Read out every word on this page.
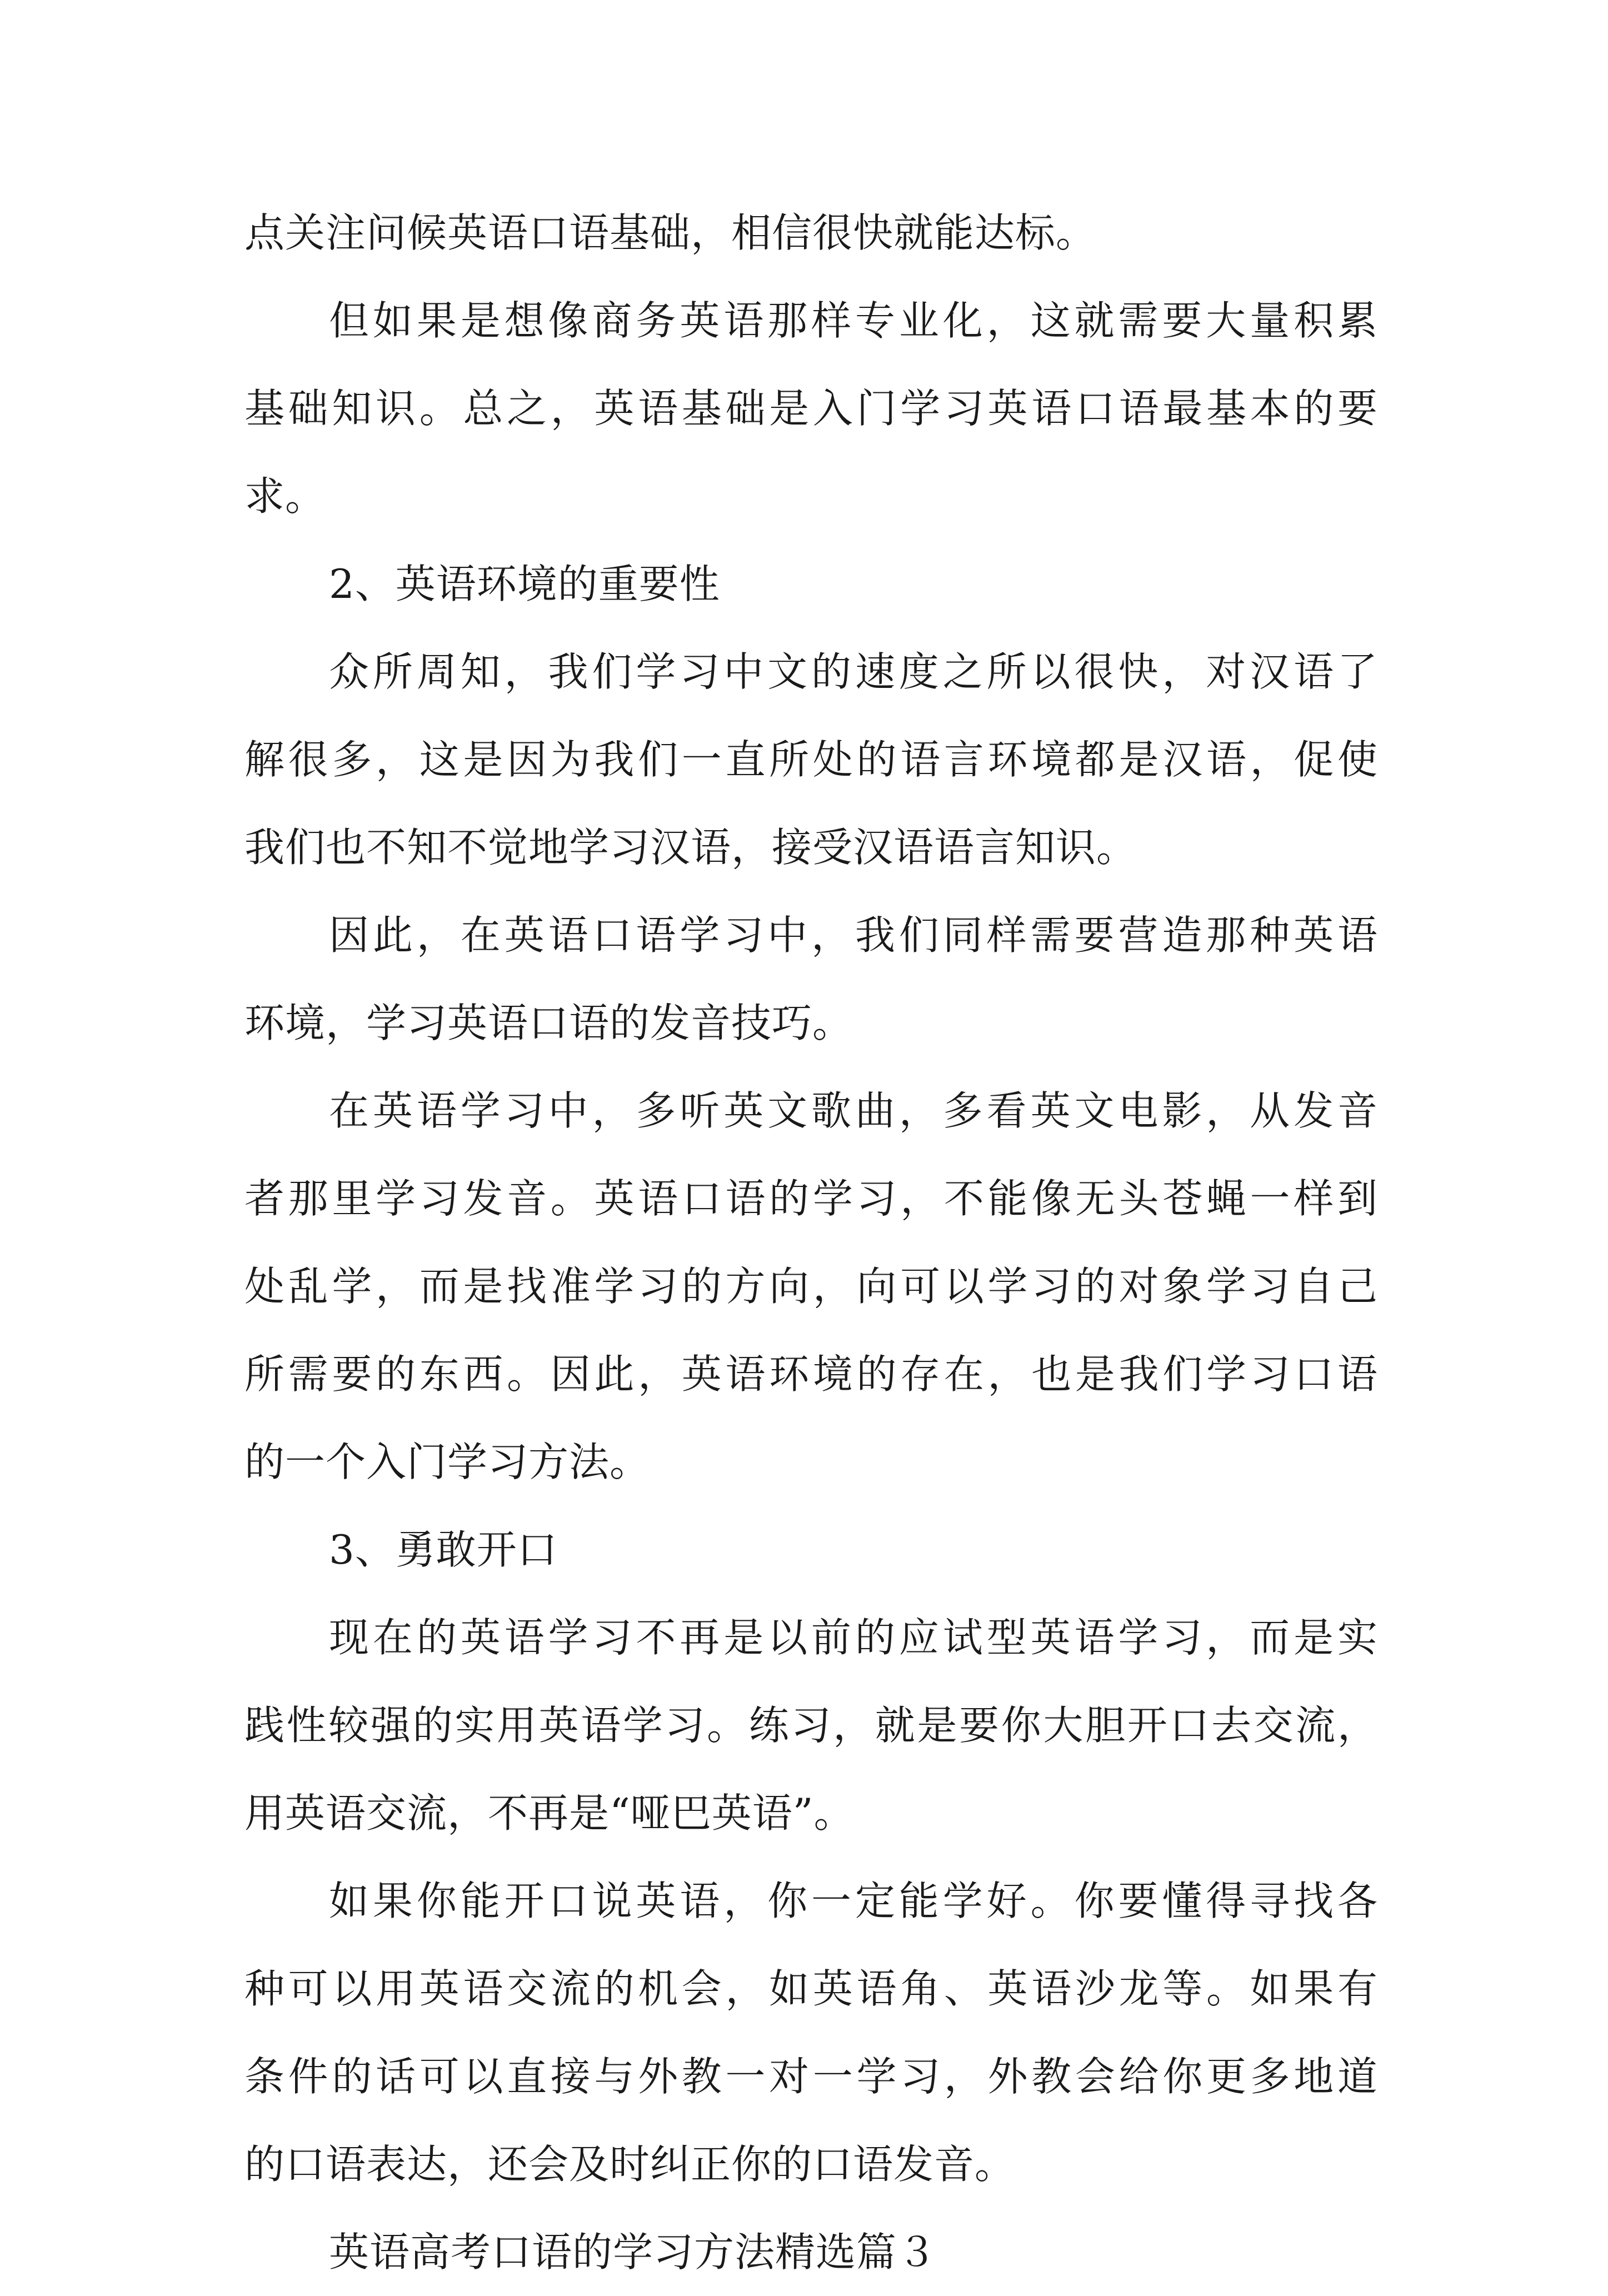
点关注问候英语口语基础，相信很快就能达标。
但如果是想像商务英语那样专业化，这就需要大量积累
基础知识。总之，英语基础是入门学习英语口语最基本的要
求。
2、英语环境的重要性
众所周知，我们学习中文的速度之所以很快，对汉语了
解很多，这是因为我们一直所处的语言环境都是汉语，促使
我们也不知不觉地学习汉语，接受汉语语言知识。
因此，在英语口语学习中，我们同样需要营造那种英语
环境，学习英语口语的发音技巧。
在英语学习中，多听英文歌曲，多看英文电影，从发音
者那里学习发音。英语口语的学习，不能像无头苍蝇一样到
处乱学，而是找准学习的方向，向可以学习的对象学习自己
所需要的东西。因此，英语环境的存在，也是我们学习口语
的一个入门学习方法。
3、勇敢开口
现在的英语学习不再是以前的应试型英语学习，而是实
践性较强的实用英语学习。练习，就是要你大胆开口去交流，
用英语交流，不再是“哑巴英语”。
如果你能开口说英语，你一定能学好。你要懂得寻找各
种可以用英语交流的机会，如英语角、英语沙龙等。如果有
条件的话可以直接与外教一对一学习，外教会给你更多地道
的口语表达，还会及时纠正你的口语发音。
英语高考口语的学习方法精选篇３
